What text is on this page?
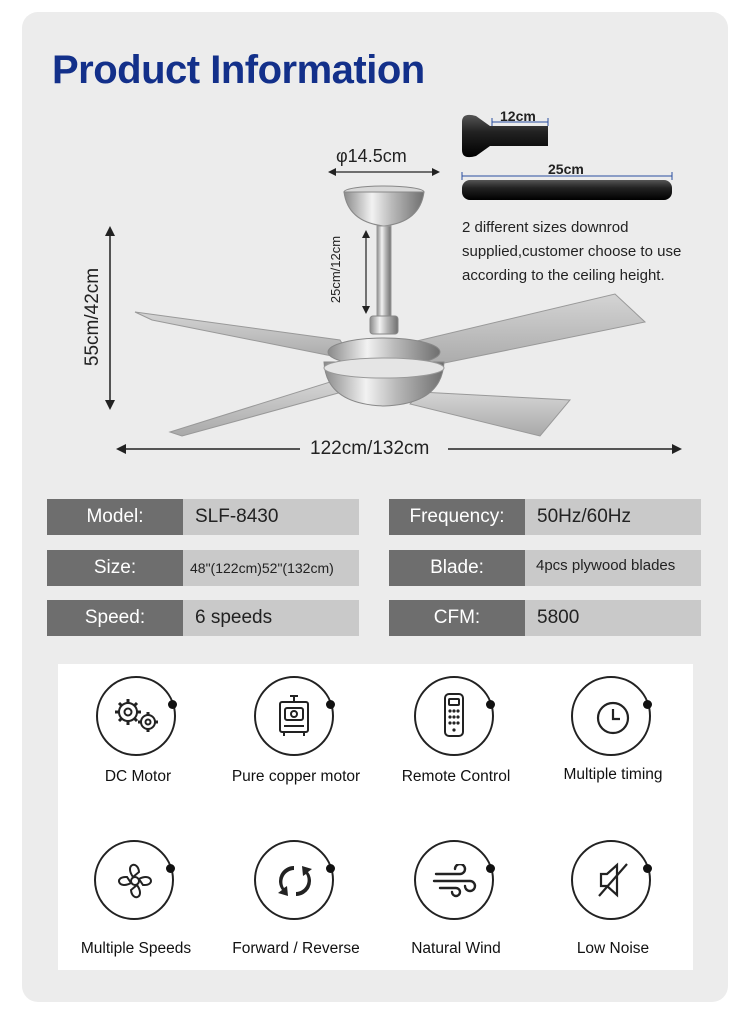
Product Information
φ14.5cm
12cm
25cm
25cm/12cm
55cm/42cm
122cm/132cm
2 different sizes downrod supplied,customer choose to use according to the ceiling height.
Model:	SLF-8430	Frequency:	50Hz/60Hz
Size:	48"(122cm)52"(132cm)	Blade:	4pcs plywood blades
Speed:	6 speeds	CFM:	5800
DC Motor	Pure copper motor	Remote Control	Multiple timing
Multiple Speeds	Forward / Reverse	Natural Wind	Low Noise
